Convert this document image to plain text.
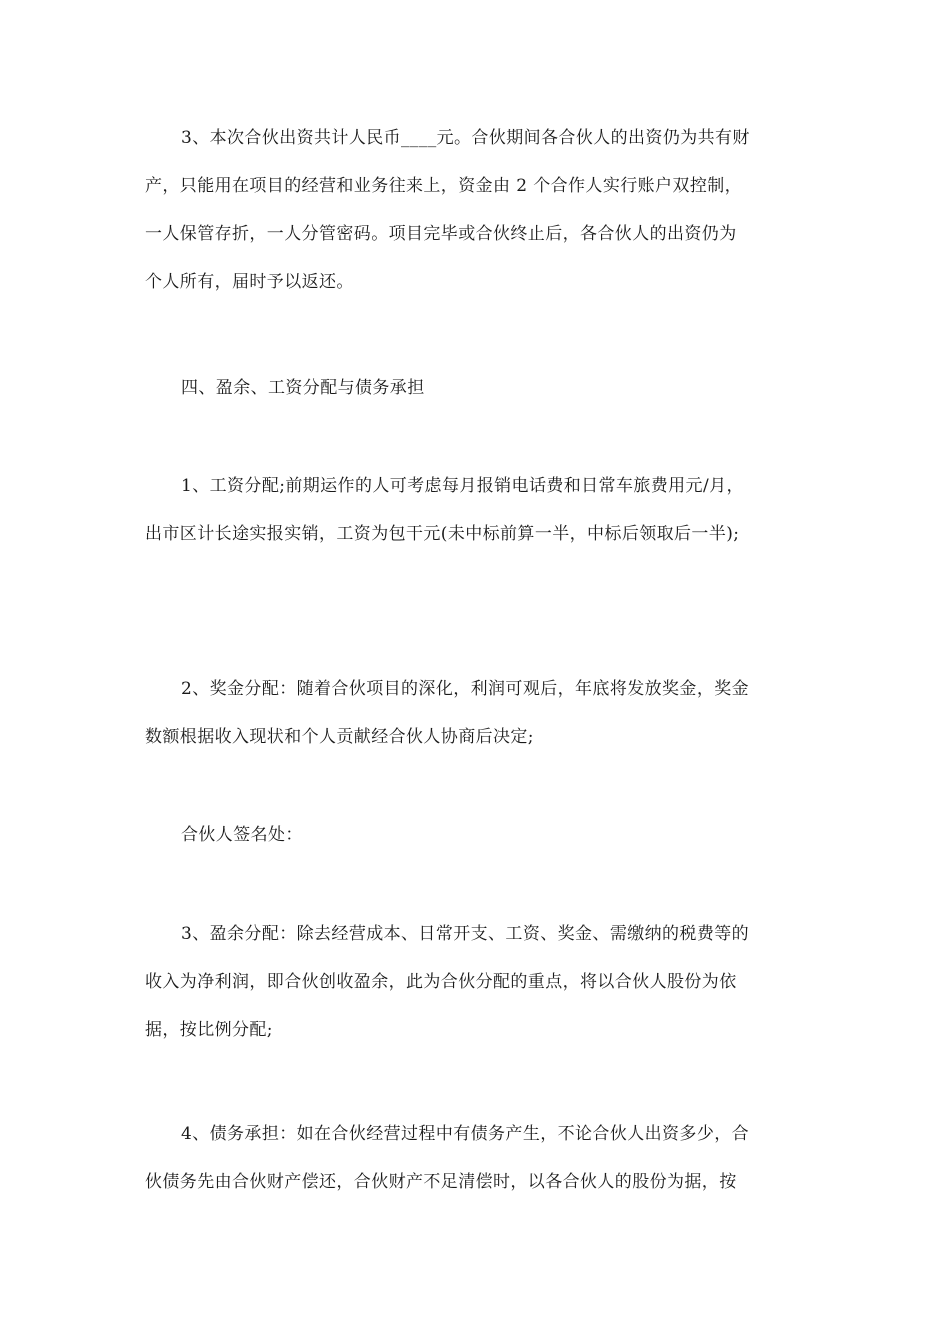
3、本次合伙出资共计人民币____元。合伙期间各合伙人的出资仍为共有财
产，只能用在项目的经营和业务往来上，资金由 2 个合作人实行账户双控制，
一人保管存折，一人分管密码。项目完毕或合伙终止后，各合伙人的出资仍为
个人所有，届时予以返还。
四、盈余、工资分配与债务承担
1、工资分配;前期运作的人可考虑每月报销电话费和日常车旅费用元/月，
出市区计长途实报实销，工资为包干元(未中标前算一半，中标后领取后一半);
2、奖金分配：随着合伙项目的深化，利润可观后，年底将发放奖金，奖金
数额根据收入现状和个人贡献经合伙人协商后决定;
合伙人签名处：
3、盈余分配：除去经营成本、日常开支、工资、奖金、需缴纳的税费等的
收入为净利润，即合伙创收盈余，此为合伙分配的重点，将以合伙人股份为依
据，按比例分配;
4、债务承担：如在合伙经营过程中有债务产生，不论合伙人出资多少，合
伙债务先由合伙财产偿还，合伙财产不足清偿时，以各合伙人的股份为据，按
